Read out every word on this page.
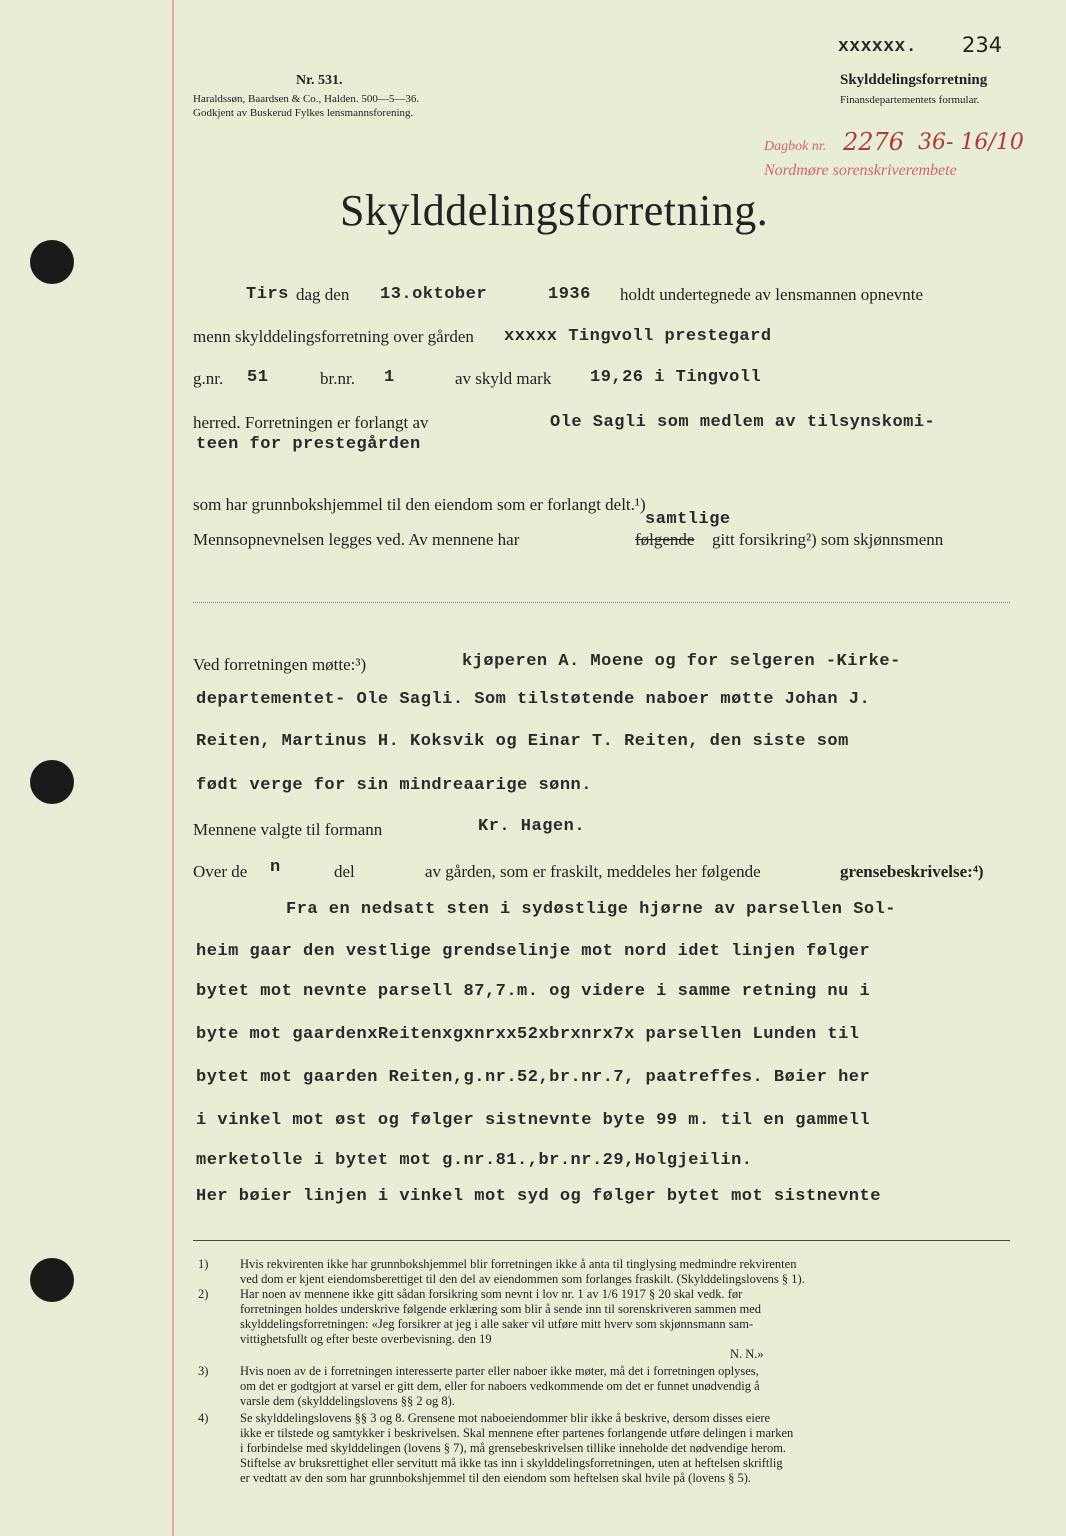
Nr. 531.
Haraldssøn, Baardsen & Co., Halden. 500—5—36.
Godkjent av Buskerud Fylkes lensmannsforening.
xxxxxx. 234
Skylddelingsforretning
Finansdepartementets formular.
Dagbok nr. 2276 36- 16/10
Nordmøre sorenskriverembete
Skylddelingsforretning.
Tirs dag den 13.oktober	1936 holdt undertegnede av lensmannen opnevnte
menn skylddelingsforretning over gården xxxxx Tingvoll prestegard
g.nr. 51	br.nr. 1	av skyld mark 19,26 i Tingvoll
herred. Forretningen er forlangt av	Ole Sagli som medlem av tilsynskomi-
teen for prestegården
som har grunnbokshjemmel til den eiendom som er forlangt delt.¹)
samtlige
Mennsopnevnelsen legges ved. Av mennene har	følgende gitt forsikring²) som skjønnsmenn
Ved forretningen møtte:³)	kjøperen A. Moene og for selgeren -Kirke-
departementet- Ole Sagli. Som tilstøtende naboer møtte Johan J.
Reiten, Martinus H. Koksvik og Einar T. Reiten, den siste som
født verge for sin mindreaarige sønn.
Mennene valgte til formann	Kr. Hagen.
Over de n	del	av gården, som er fraskilt, meddeles her følgende	grensebeskrivelse:⁴)
Fra en nedsatt sten i sydøstlige hjørne av parsellen Sol-
heim gaar den vestlige grendselinje mot nord idet linjen følger
bytet mot nevnte parsell 87,7.m. og videre i samme retning nu i
byte mot gaardenxReitenxgxnrxx52xbrxnrx7x parsellen Lunden til
bytet mot gaarden Reiten,g.nr.52,br.nr.7, paatreffes. Bøier her
i vinkel mot øst og følger sistnevnte byte 99 m. til en gammell
merketolle i bytet mot g.nr.81.,br.nr.29,Holgjeilin.
Her bøier linjen i vinkel mot syd og følger bytet mot sistnevnte
1)	Hvis rekvirenten ikke har grunnbokshjemmel blir forretningen ikke å anta til tinglysing medmindre rekvirenten
ved dom er kjent eiendomsberettiget til den del av eiendommen som forlanges fraskilt. (Skylddelingslovens § 1).
2)	Har noen av mennene ikke gitt sådan forsikring som nevnt i lov nr. 1 av 1/6 1917 § 20 skal vedk. før
forretningen holdes underskrive følgende erklæring som blir å sende inn til sorenskriveren sammen med
skylddelingsforretningen: «Jeg forsikrer at jeg i alle saker vil utføre mitt hverv som skjønnsmann sam-
vittighetsfullt og efter beste overbevisning. den 19
N. N.»
3)	Hvis noen av de i forretningen interesserte parter eller naboer ikke møter, må det i forretningen oplyses,
om det er godtgjort at varsel er gitt dem, eller for naboers vedkommende om det er funnet unødvendig å
varsle dem (skylddelingslovens §§ 2 og 8).
4)	Se skylddelingslovens §§ 3 og 8. Grensene mot naboeiendommer blir ikke å beskrive, dersom disses eiere
ikke er tilstede og samtykker i beskrivelsen. Skal mennene efter partenes forlangende utføre delingen i marken
i forbindelse med skylddelingen (lovens § 7), må grensebeskrivelsen tillike inneholde det nødvendige herom.
Stiftelse av bruksrettighet eller servitutt må ikke tas inn i skylddelingsforretningen, uten at heftelsen skriftlig
er vedtatt av den som har grunnbokshjemmel til den eiendom som heftelsen skal hvile på (lovens § 5).
